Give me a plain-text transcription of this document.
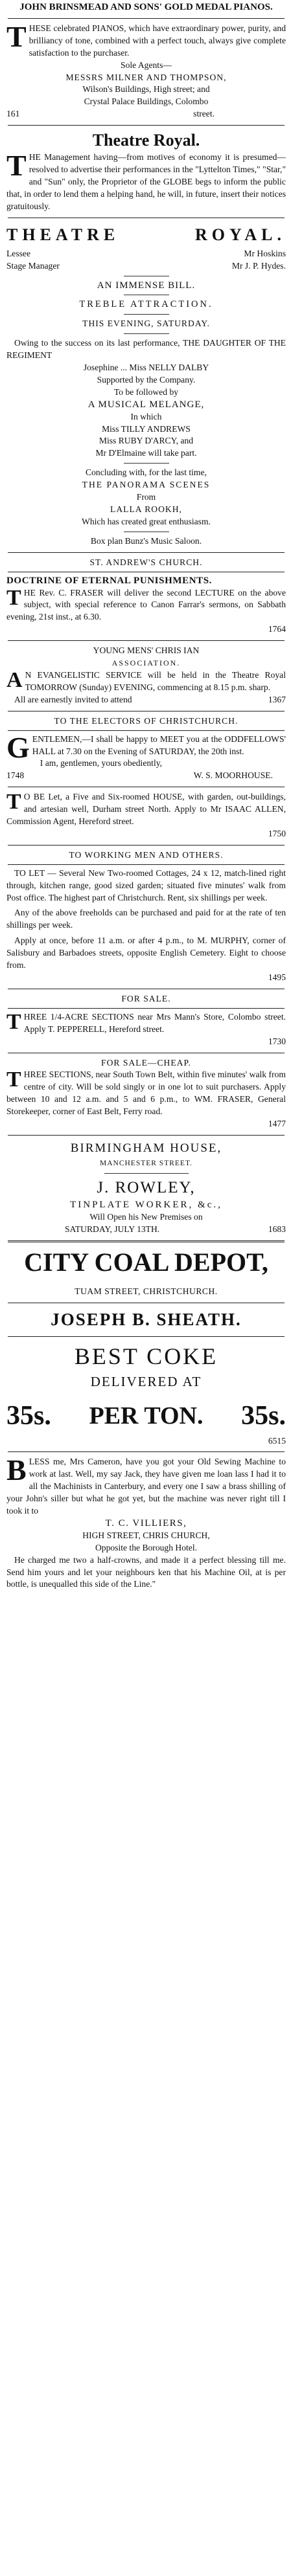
JOHN BRINSMEAD AND SONS' GOLD MEDAL PIANOS.

THESE celebrated PIANOS, which have extraordinary power, purity, and brilliancy of tone, combined with a perfect touch, always give complete satisfaction to the purchaser.

Sole Agents—

MESSRS MILNER AND THOMPSON,

Wilson's Buildings, High street; and

Crystal Palace Buildings, Colombo

161	street.

Theatre Royal.

THE Management having—from motives of economy it is presumed—resolved to advertise their performances in the "Lyttelton Times," "Star," and "Sun" only, the Proprietor of the GLOBE begs to inform the public that, in order to lend them a helping hand, he will, in future, insert their notices gratuitously.

THEATRE	ROYAL.
Lessee	Mr Hoskins
Stage Manager	Mr J. P. Hydes.

AN IMMENSE BILL.

TREBLE ATTRACTION.

THIS EVENING, SATURDAY.

Owing to the success on its last performance, THE DAUGHTER OF THE REGIMENT

Josephine ... Miss NELLY DALBY

Supported by the Company.

To be followed by

A MUSICAL MELANGE,

In which

Miss TILLY ANDREWS

Miss RUBY D'ARCY, and

Mr D'Elmaine will take part.

Concluding with, for the last time,

THE PANORAMA SCENES

From

LALLA ROOKH,

Which has created great enthusiasm.

Box plan Bunz's Music Saloon.

ST. ANDREW'S CHURCH.

DOCTRINE OF ETERNAL PUNISHMENTS.

THE Rev. C. FRASER will deliver the second LECTURE on the above subject, with special reference to Canon Farrar's sermons, on Sabbath evening, 21st inst., at 6.30.

1764

YOUNG MENS' CHRIS IAN

ASSOCIATION.

A N EVANGELISTIC SERVICE will be held in the Theatre Royal TOMORROW (Sunday) EVENING, commencing at 8.15 p.m. sharp.

All are earnestly invited to attend	1367

TO THE ELECTORS OF CHRISTCHURCH.

GENTLEMEN,—I shall be happy to MEET you at the ODDFELLOWS' HALL at 7.30 on the Evening of SATURDAY, the 20th inst.

I am, gentlemen, yours obediently,

1748	W. S. MOORHOUSE.

T O BE Let, a Five and Six-roomed HOUSE, with garden, out-buildings, and artesian well, Durham street North. Apply to Mr ISAAC ALLEN, Commission Agent, Hereford street.

1750

TO WORKING MEN AND OTHERS.

TO LET — Several New Two-roomed Cottages, 24 x 12, match-lined right through, kitchen range, good sized garden; situated five minutes' walk from Post office. The highest part of Christchurch. Rent, six shillings per week.

Any of the above freeholds can be purchased and paid for at the rate of ten shillings per week.

Apply at once, before 11 a.m. or after 4 p.m., to M. MURPHY, corner of Salisbury and Barbadoes streets, opposite English Cemetery. Eight to choose from.

1495

FOR SALE.

THREE 1/4-ACRE SECTIONS near Mrs Mann's Store, Colombo street. Apply T. PEPPERELL, Hereford street.

1730

FOR SALE—CHEAP.

THREE SECTIONS, near South Town Belt, within five minutes' walk from centre of city. Will be sold singly or in one lot to suit purchasers. Apply between 10 and 12 a.m. and 5 and 6 p.m., to WM. FRASER, General Storekeeper, corner of East Belt, Ferry road.

1477

BIRMINGHAM HOUSE,

MANCHESTER STREET.

J. ROWLEY,

TINPLATE WORKER, &c.,

Will Open his New Premises on

SATURDAY, JULY 13TH.	1683

CITY COAL DEPOT,

TUAM STREET, CHRISTCHURCH.

JOSEPH B. SHEATH.

BEST COKE

DELIVERED AT

35s. PER TON. 35s.

6515

BLESS me, Mrs Cameron, have you got your Old Sewing Machine to work at last. Well, my say Jack, they have given me loan lass I had it to all the Machinists in Canterbury, and every one I saw a brass shilling of your John's siller but what he got yet, but the machine was never right till I took it to

T. C. VILLIERS,

HIGH STREET, CHRIS CHURCH,

Opposite the Borough Hotel.

He charged me two a half-crowns, and made it a perfect blessing till me. Send him yours and let your neighbours ken that his Machine Oil, at is per bottle, is unequalled this side of the Line."
